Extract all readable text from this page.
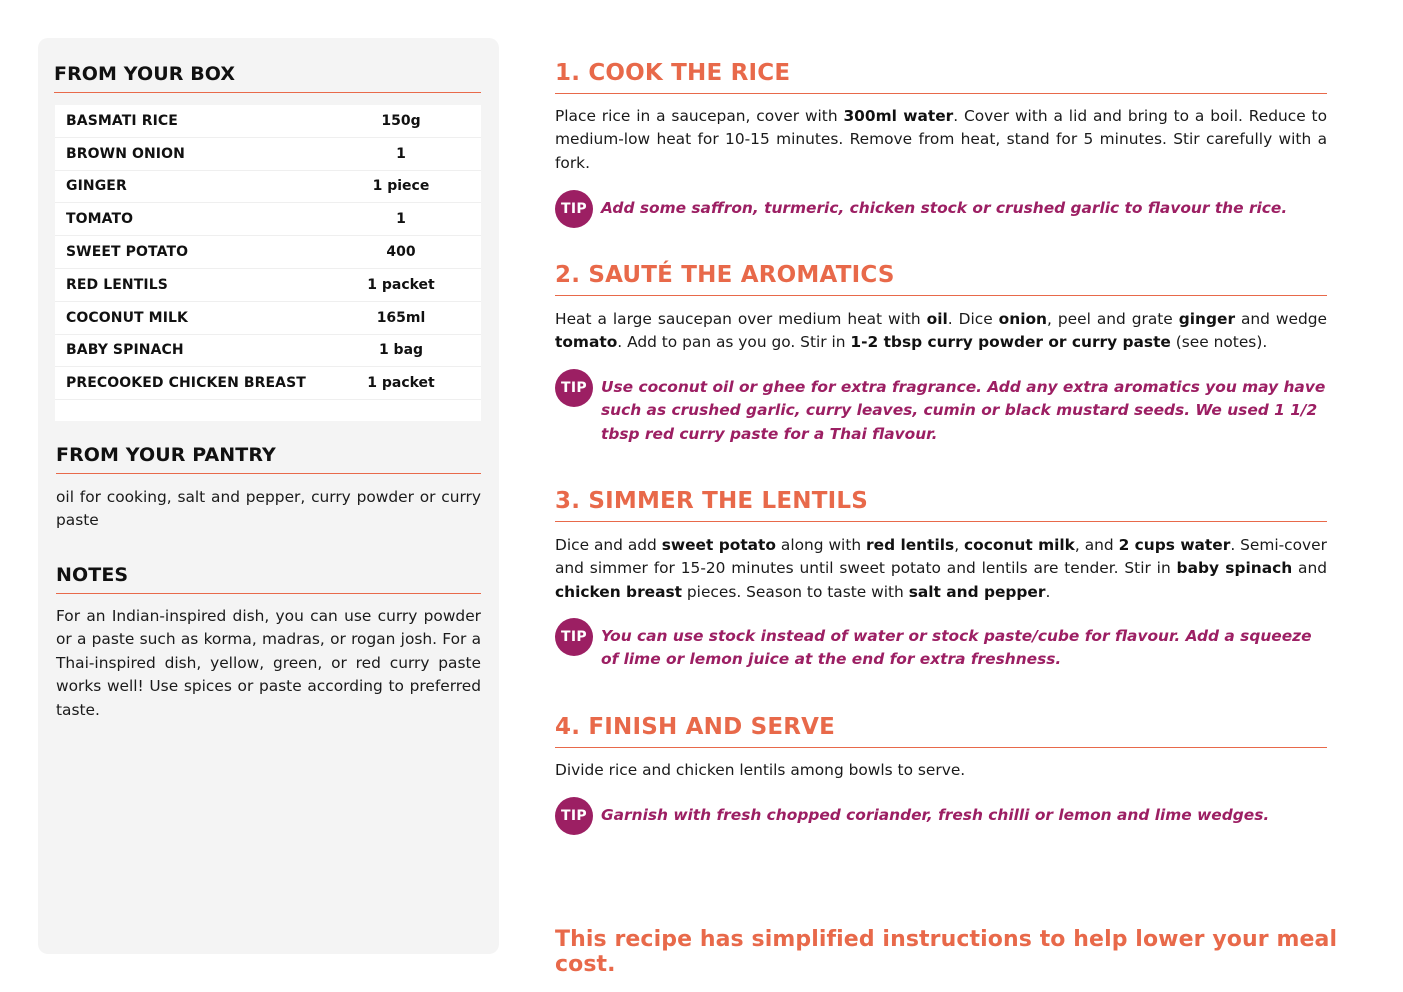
FROM YOUR BOX
BASMATI RICE	150g
BROWN ONION	1
GINGER	1 piece
TOMATO	1
SWEET POTATO	400
RED LENTILS	1 packet
COCONUT MILK	165ml
BABY SPINACH	1 bag
PRECOOKED CHICKEN BREAST	1 packet
FROM YOUR PANTRY
oil for cooking, salt and pepper, curry powder or curry paste
NOTES
For an Indian-inspired dish, you can use curry powder or a paste such as korma, madras, or rogan josh. For a Thai-inspired dish, yellow, green, or red curry paste works well! Use spices or paste according to preferred taste.
1. COOK THE RICE
Place rice in a saucepan, cover with 300ml water. Cover with a lid and bring to a boil. Reduce to medium-low heat for 10-15 minutes. Remove from heat, stand for 5 minutes. Stir carefully with a fork.
TIP Add some saffron, turmeric, chicken stock or crushed garlic to flavour the rice.
2. SAUTÉ THE AROMATICS
Heat a large saucepan over medium heat with oil. Dice onion, peel and grate ginger and wedge tomato. Add to pan as you go. Stir in 1-2 tbsp curry powder or curry paste (see notes).
TIP Use coconut oil or ghee for extra fragrance. Add any extra aromatics you may have such as crushed garlic, curry leaves, cumin or black mustard seeds. We used 1 1/2 tbsp red curry paste for a Thai flavour.
3. SIMMER THE LENTILS
Dice and add sweet potato along with red lentils, coconut milk, and 2 cups water. Semi-cover and simmer for 15-20 minutes until sweet potato and lentils are tender. Stir in baby spinach and chicken breast pieces. Season to taste with salt and pepper.
TIP You can use stock instead of water or stock paste/cube for flavour. Add a squeeze of lime or lemon juice at the end for extra freshness.
4. FINISH AND SERVE
Divide rice and chicken lentils among bowls to serve.
TIP Garnish with fresh chopped coriander, fresh chilli or lemon and lime wedges.
This recipe has simplified instructions to help lower your meal cost.
